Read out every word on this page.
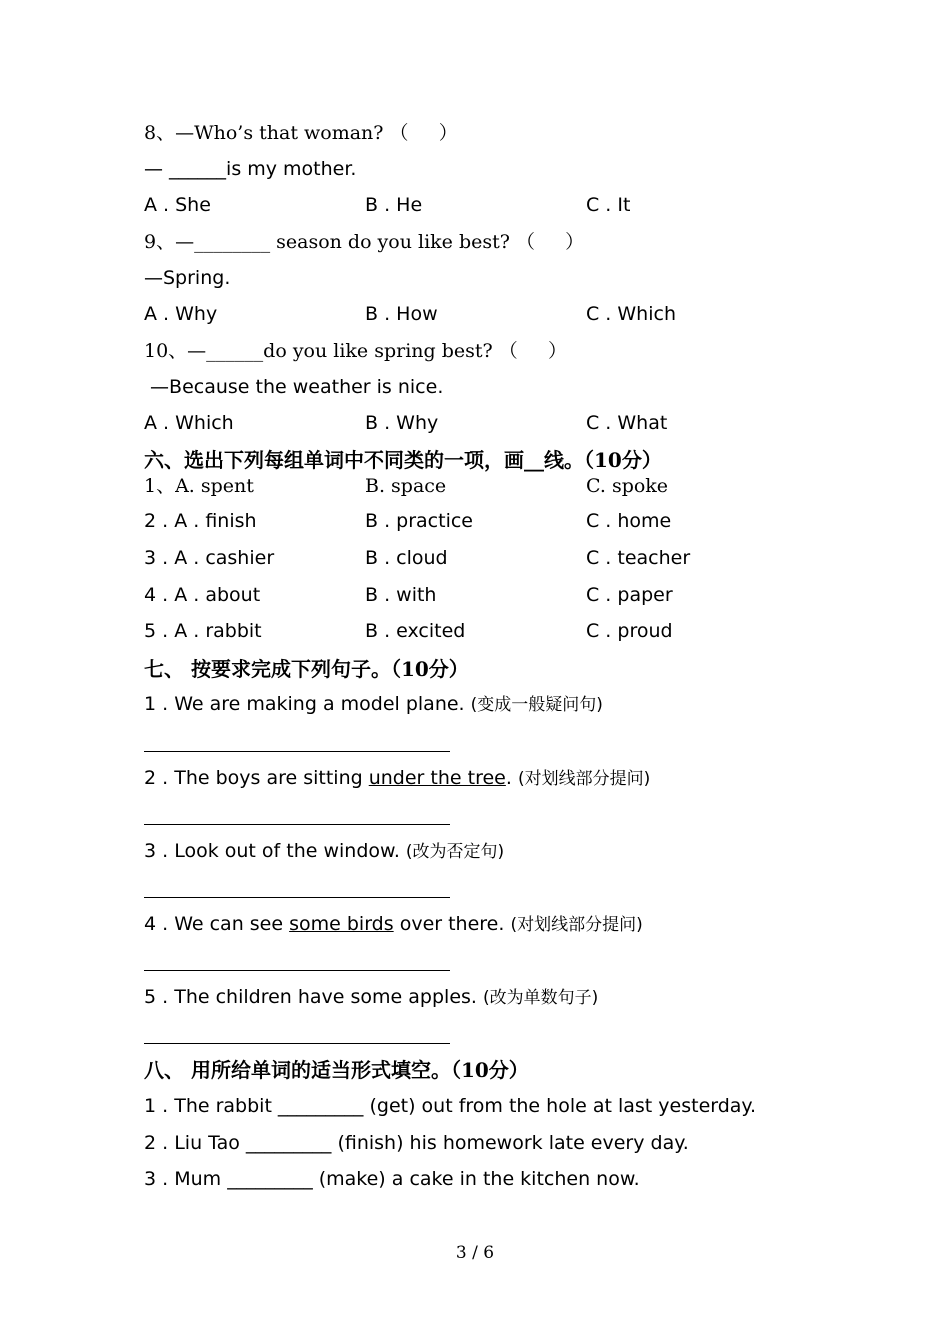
8、—Who’s that woman? （     ）
— ______is my mother.
A . She	B . He	C . It
9、—________ season do you like best? （     ）
—Spring.
A . Why	B . How	C . Which
10、—______do you like spring best? （     ）
—Because the weather is nice.
A . Which	B . Why	C . What
六、选出下列每组单词中不同类的一项，画__线。（10分）
1、A. spent	B. space	C. spoke
2 . A . finish	B . practice	C . home
3 . A . cashier	B . cloud	C . teacher
4 . A . about	B . with	C . paper
5 . A . rabbit	B . excited	C . proud
七、 按要求完成下列句子。（10分）
1 . We are making a model plane. (变成一般疑问句)
2 . The boys are sitting under the tree. (对划线部分提问)
3 . Look out of the window. (改为否定句)
4 . We can see some birds over there. (对划线部分提问)
5 . The children have some apples. (改为单数句子)
八、 用所给单词的适当形式填空。（10分）
1 . The rabbit _________ (get) out from the hole at last yesterday.
2 . Liu Tao _________ (finish) his homework late every day.
3 . Mum _________ (make) a cake in the kitchen now.
3 / 6
